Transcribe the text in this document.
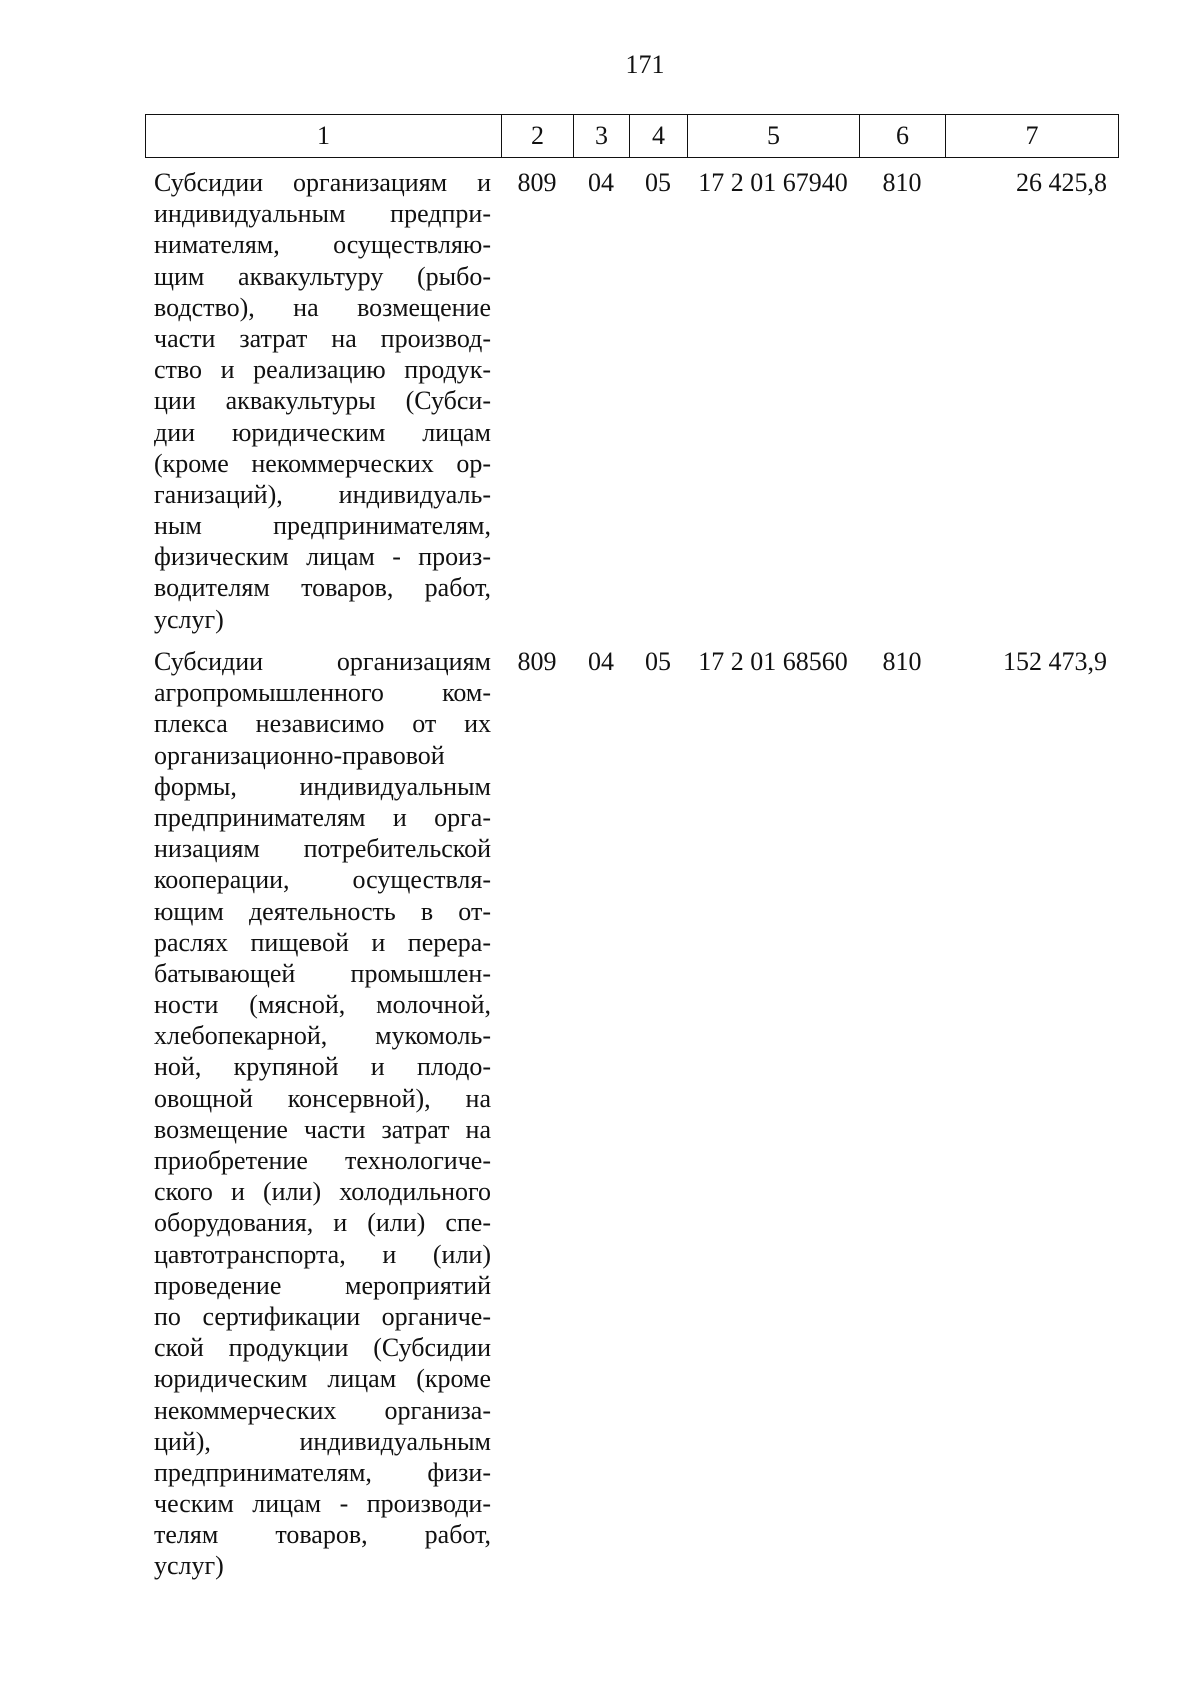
171
1	2	3	4	5	6	7
Субсидии организациям и
индивидуальным предпри-
нимателям, осуществляю-
щим аквакультуру (рыбо-
водство), на возмещение
части затрат на производ-
ство и реализацию продук-
ции аквакультуры (Субси-
дии юридическим лицам
(кроме некоммерческих ор-
ганизаций), индивидуаль-
ным предпринимателям,
физическим лицам - произ-
водителям товаров, работ,
услуг)
809	04	05	17 2 01 67940	810	26 425,8
Субсидии организациям
агропромышленного ком-
плекса независимо от их
организационно-правовой
формы, индивидуальным
предпринимателям и орга-
низациям потребительской
кооперации, осуществля-
ющим деятельность в от-
раслях пищевой и перера-
батывающей промышлен-
ности (мясной, молочной,
хлебопекарной, мукомоль-
ной, крупяной и плодо-
овощной консервной), на
возмещение части затрат на
приобретение технологиче-
ского и (или) холодильного
оборудования, и (или) спе-
цавтотранспорта, и (или)
проведение мероприятий
по сертификации органиче-
ской продукции (Субсидии
юридическим лицам (кроме
некоммерческих организа-
ций), индивидуальным
предпринимателям, физи-
ческим лицам - производи-
телям товаров, работ,
услуг)
809	04	05	17 2 01 68560	810	152 473,9
